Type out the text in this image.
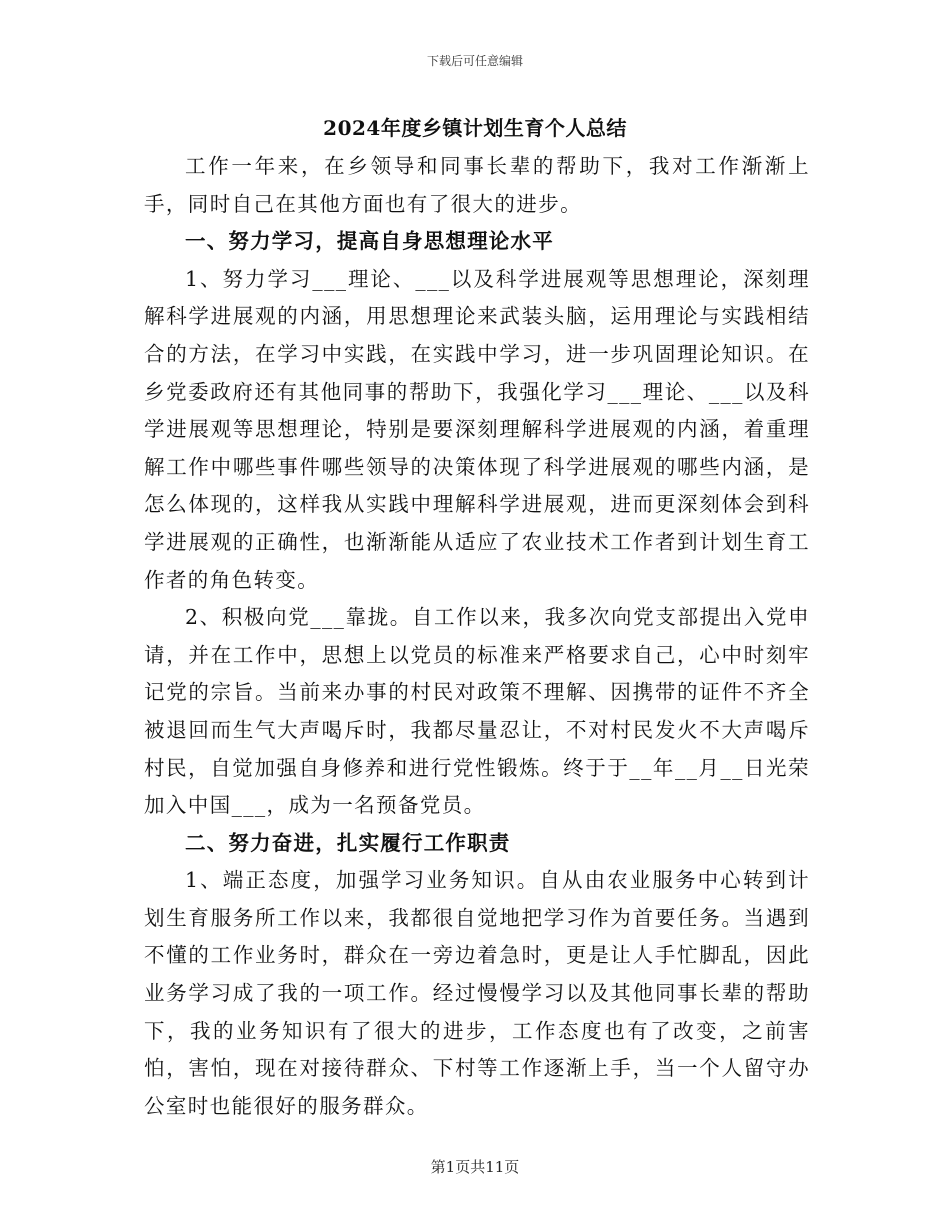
下载后可任意编辑
2024年度乡镇计划生育个人总结

工作一年来，在乡领导和同事长辈的帮助下，我对工作渐渐上手，同时自己在其他方面也有了很大的进步。

一、努力学习，提高自身思想理论水平

1、努力学习___理论、___以及科学进展观等思想理论，深刻理解科学进展观的内涵，用思想理论来武装头脑，运用理论与实践相结合的方法，在学习中实践，在实践中学习，进一步巩固理论知识。在乡党委政府还有其他同事的帮助下，我强化学习___理论、___以及科学进展观等思想理论，特别是要深刻理解科学进展观的内涵，着重理解工作中哪些事件哪些领导的决策体现了科学进展观的哪些内涵，是怎么体现的，这样我从实践中理解科学进展观，进而更深刻体会到科学进展观的正确性，也渐渐能从适应了农业技术工作者到计划生育工作者的角色转变。

2、积极向党___靠拢。自工作以来，我多次向党支部提出入党申请，并在工作中，思想上以党员的标准来严格要求自己，心中时刻牢记党的宗旨。当前来办事的村民对政策不理解、因携带的证件不齐全被退回而生气大声喝斥时，我都尽量忍让，不对村民发火不大声喝斥村民，自觉加强自身修养和进行党性锻炼。终于于__年__月__日光荣加入中国___，成为一名预备党员。

二、努力奋进，扎实履行工作职责

1、端正态度，加强学习业务知识。自从由农业服务中心转到计划生育服务所工作以来，我都很自觉地把学习作为首要任务。当遇到不懂的工作业务时，群众在一旁边着急时，更是让人手忙脚乱，因此业务学习成了我的一项工作。经过慢慢学习以及其他同事长辈的帮助下，我的业务知识有了很大的进步，工作态度也有了改变，之前害怕，害怕，现在对接待群众、下村等工作逐渐上手，当一个人留守办公室时也能很好的服务群众。

第1页共11页
